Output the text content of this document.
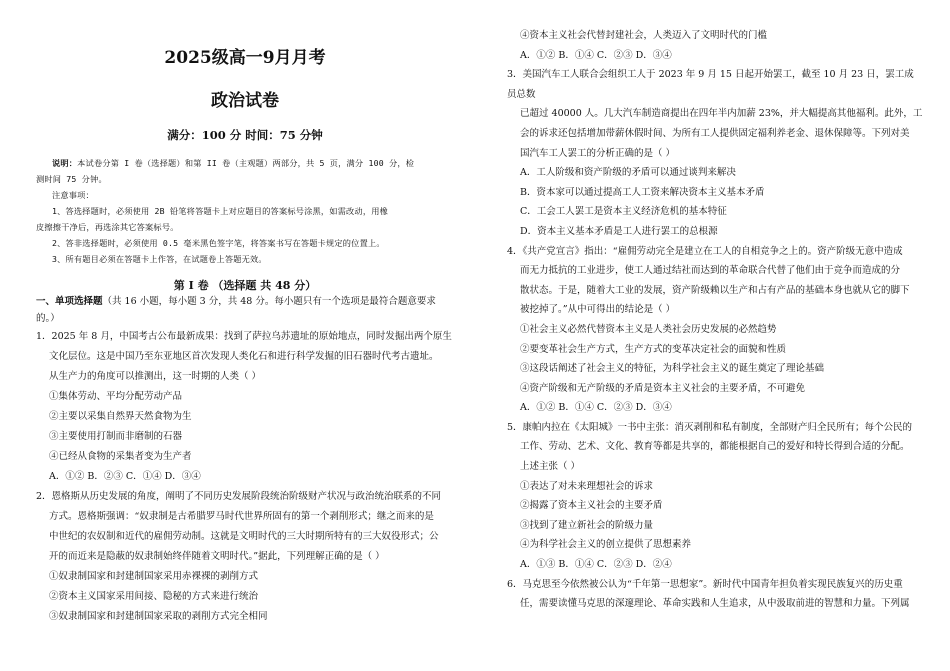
2025级高一9月月考
政治试卷
满分：100 分 时间：75 分钟

说明：本试卷分第 I 卷（选择题）和第 II 卷（主观题）两部分，共 5 页，满分 100 分，检

测时间 75 分钟。

注意事项：

1、答选择题时，必须使用 2B 铅笔将答题卡上对应题目的答案标号涂黑，如需改动，用橡

皮擦擦干净后，再选涂其它答案标号。

2、答非选择题时，必须使用 0.5 毫米黑色签字笔，将答案书写在答题卡规定的位置上。

3、所有题目必须在答题卡上作答，在试题卷上答题无效。

第 I 卷 （选择题 共 48 分）
一、单项选择题（共 16 小题，每小题 3 分，共 48 分。每小题只有一个选项是最符合题意要求
的。）

1．2025 年 8 月，中国考古公布最新成果：找到了萨拉乌苏遗址的原始地点，同时发掘出两个原生

文化层位。这是中国乃至东亚地区首次发现人类化石和进行科学发掘的旧石器时代考古遗址。

从生产力的角度可以推测出，这一时期的人类（ ）

①集体劳动、平均分配劳动产品

②主要以采集自然界天然食物为生

③主要使用打制而非磨制的石器

④已经从食物的采集者变为生产者

A．①② B．②③ C．①④ D．③④

2．恩格斯从历史发展的角度，阐明了不同历史发展阶段统治阶级财产状况与政治统治联系的不同

方式。恩格斯强调：“奴隶制是古希腊罗马时代世界所固有的第一个剥削形式；继之而来的是

中世纪的农奴制和近代的雇佣劳动制。这就是文明时代的三大时期所特有的三大奴役形式；公

开的而近来是隐蔽的奴隶制始终伴随着文明时代。”据此，下列理解正确的是（ ）

①奴隶制国家和封建制国家采用赤裸裸的剥削方式

②资本主义国家采用间接、隐秘的方式来进行统治

③奴隶制国家和封建制国家采取的剥削方式完全相同

④资本主义社会代替封建社会，人类迈入了文明时代的门槛

A．①② B．①④ C．②③ D．③④

3．美国汽车工人联合会组织工人于 2023 年 9 月 15 日起开始罢工，截至 10 月 23 日，罢工成员总数

已超过 40000 人。几大汽车制造商提出在四年半内加薪 23%，并大幅提高其他福利。此外，工

会的诉求还包括增加带薪休假时间、为所有工人提供固定福利养老金、退休保障等。下列对美

国汽车工人罢工的分析正确的是（ ）

A．工人阶级和资产阶级的矛盾可以通过谈判来解决

B．资本家可以通过提高工人工资来解决资本主义基本矛盾

C．工会工人罢工是资本主义经济危机的基本特征

D．资本主义基本矛盾是工人进行罢工的总根源

4．《共产党宣言》指出：“雇佣劳动完全是建立在工人的自相竞争之上的。资产阶级无意中造成

而无力抵抗的工业进步，使工人通过结社而达到的革命联合代替了他们由于竞争而造成的分

散状态。于是，随着大工业的发展，资产阶级赖以生产和占有产品的基础本身也就从它的脚下

被挖掉了。”从中可得出的结论是（ ）

①社会主义必然代替资本主义是人类社会历史发展的必然趋势

②要变革社会生产方式，生产方式的变革决定社会的面貌和性质

③这段话阐述了社会主义的特征，为科学社会主义的诞生奠定了理论基础

④资产阶级和无产阶级的矛盾是资本主义社会的主要矛盾，不可避免

A．①② B．①④ C．②③ D．③④

5．康帕内拉在《太阳城》一书中主张：消灭剥削和私有制度，全部财产归全民所有；每个公民的

工作、劳动、艺术、文化、教育等都是共享的，都能根据自己的爱好和特长得到合适的分配。

上述主张（ ）

①表达了对未来理想社会的诉求

②揭露了资本主义社会的主要矛盾

③找到了建立新社会的阶级力量

④为科学社会主义的创立提供了思想素养

A．①③ B．①④ C．②③ D．②④

6．马克思至今依然被公认为“千年第一思想家”。新时代中国青年担负着实现民族复兴的历史重

任，需要读懂马克思的深邃理论、革命实践和人生追求，从中汲取前进的智慧和力量。下列属
